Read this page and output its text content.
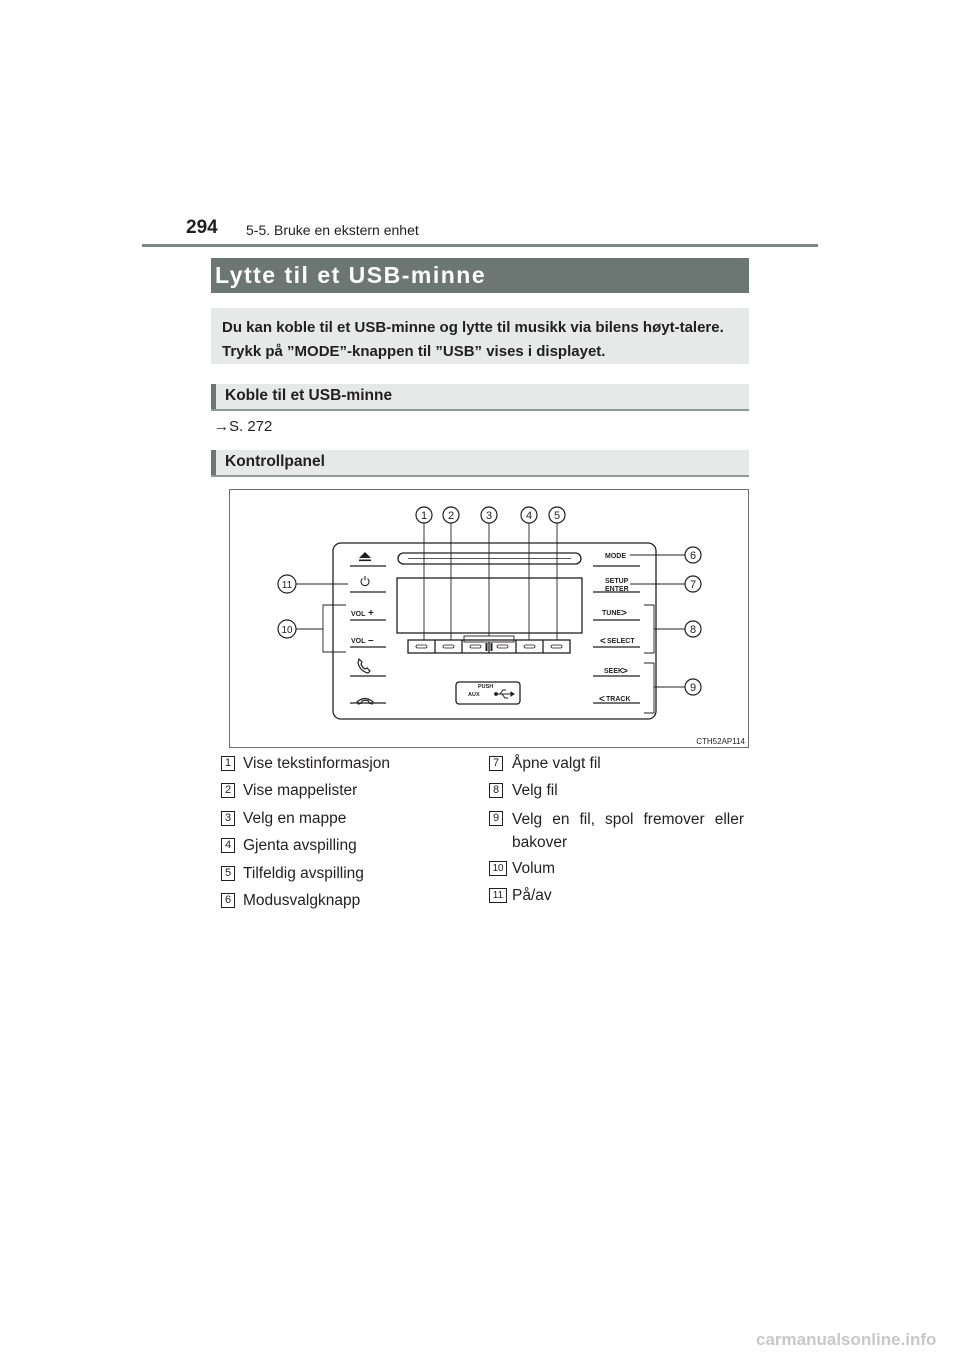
294 5-5. Bruke en ekstern enhet
Lytte til et USB-minne
Du kan koble til et USB-minne og lytte til musikk via bilens høyt-talere. Trykk på ”MODE”-knappen til ”USB” vises i displayet.
Koble til et USB-minne
→S. 272
Kontrollpanel
VOL +
VOL –
MODE
SETUP
ENTER
TUNE >
< SELECT
SEEK
>
< TRACK
PUSH
AUX
1 2	3	4 5
6
7
8
9
10
11
CTH52AP114
1 Vise tekstinformasjon
2 Vise mappelister
3 Velg en mappe
4 Gjenta avspilling
5 Tilfeldig avspilling
6 Modusvalgknapp
7 Åpne valgt fil
8 Velg fil
9 Velg en fil, spol fremover eller bakover
10 Volum
11 På/av
carmanualsonline.info
